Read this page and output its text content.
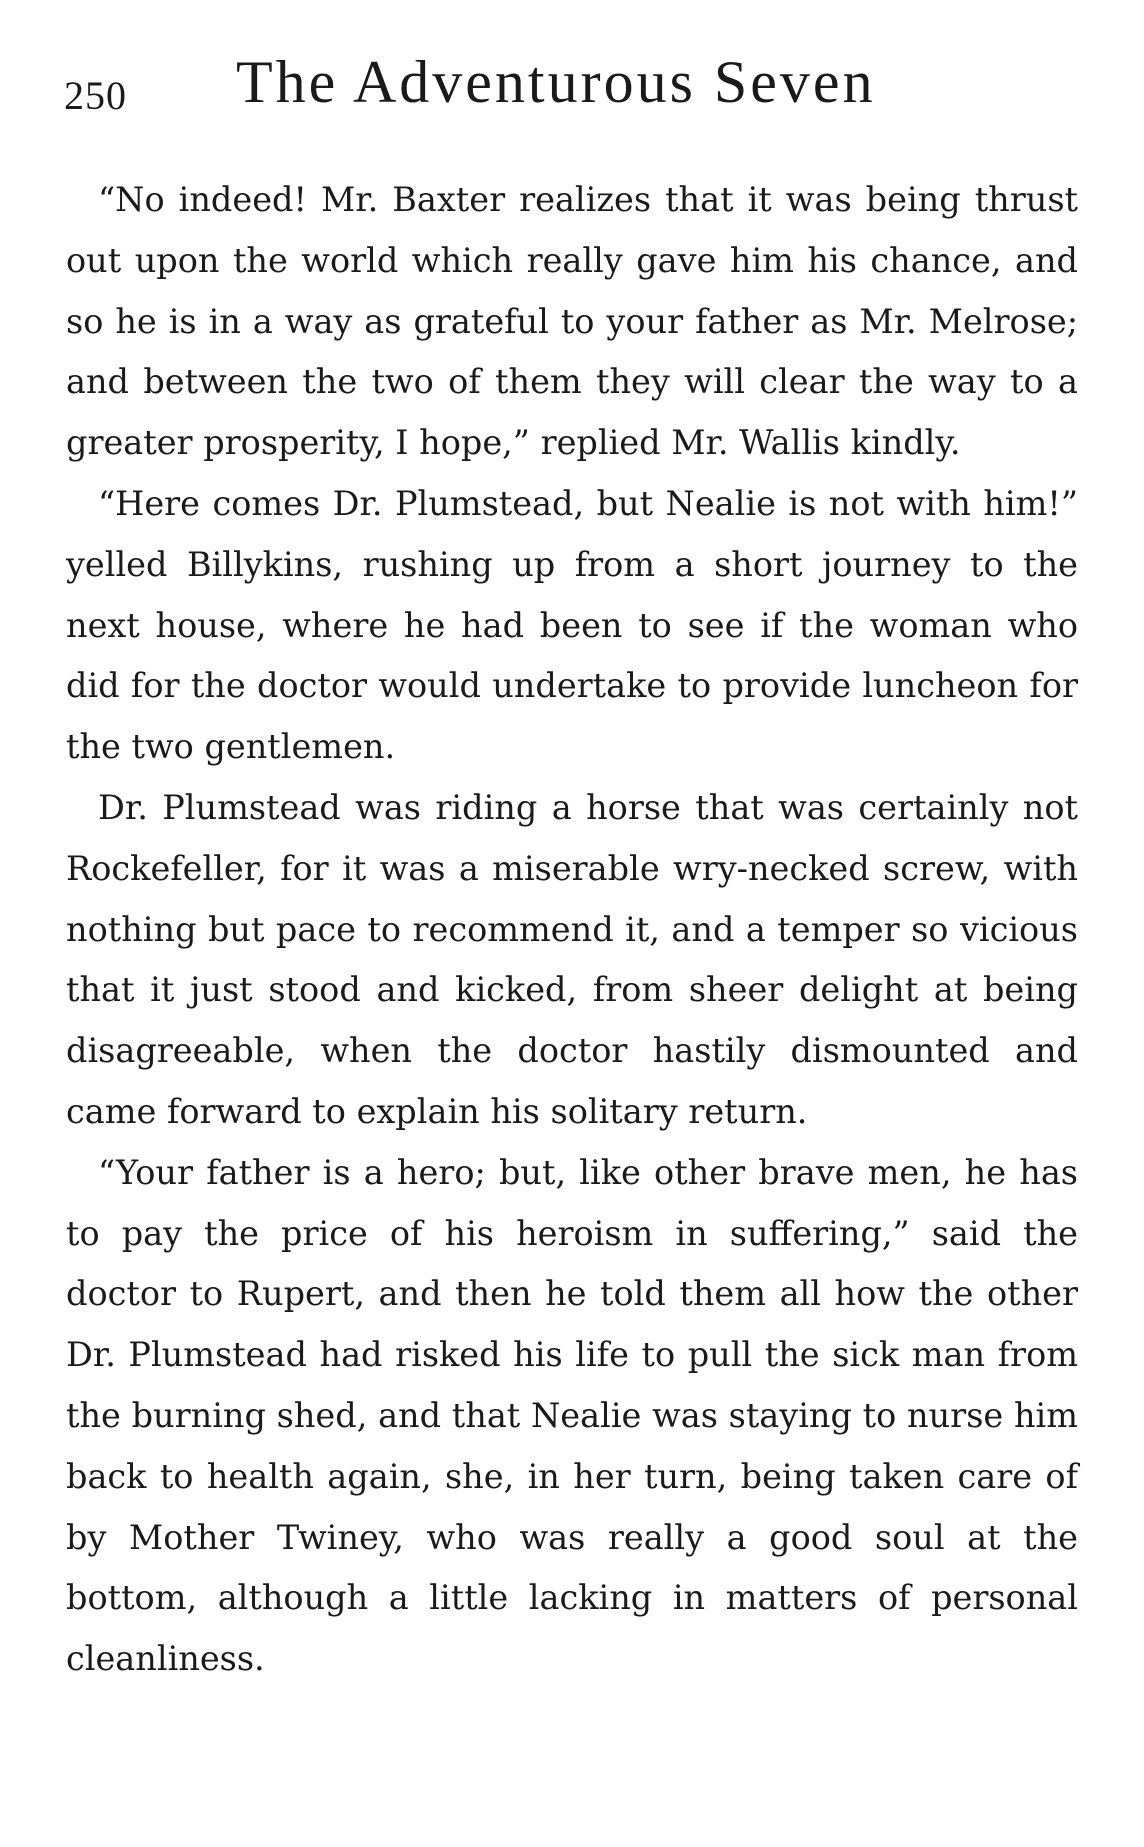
250 The Adventurous Seven

“No indeed! Mr. Baxter realizes that it was being thrust out upon the world which really gave him his chance, and so he is in a way as grateful to your father as Mr. Melrose; and between the two of them they will clear the way to a greater prosperity, I hope,” replied Mr. Wallis kindly.

“Here comes Dr. Plumstead, but Nealie is not with him!” yelled Billykins, rushing up from a short journey to the next house, where he had been to see if the woman who did for the doctor would undertake to provide luncheon for the two gentlemen.

Dr. Plumstead was riding a horse that was certainly not Rockefeller, for it was a miserable wry-necked screw, with nothing but pace to recommend it, and a temper so vicious that it just stood and kicked, from sheer delight at being disagreeable, when the doctor hastily dismounted and came forward to explain his solitary return.

“Your father is a hero; but, like other brave men, he has to pay the price of his heroism in suffering,” said the doctor to Rupert, and then he told them all how the other Dr. Plumstead had risked his life to pull the sick man from the burning shed, and that Nealie was staying to nurse him back to health again, she, in her turn, being taken care of by Mother Twiney, who was really a good soul at the bottom, although a little lacking in matters of personal cleanliness.
